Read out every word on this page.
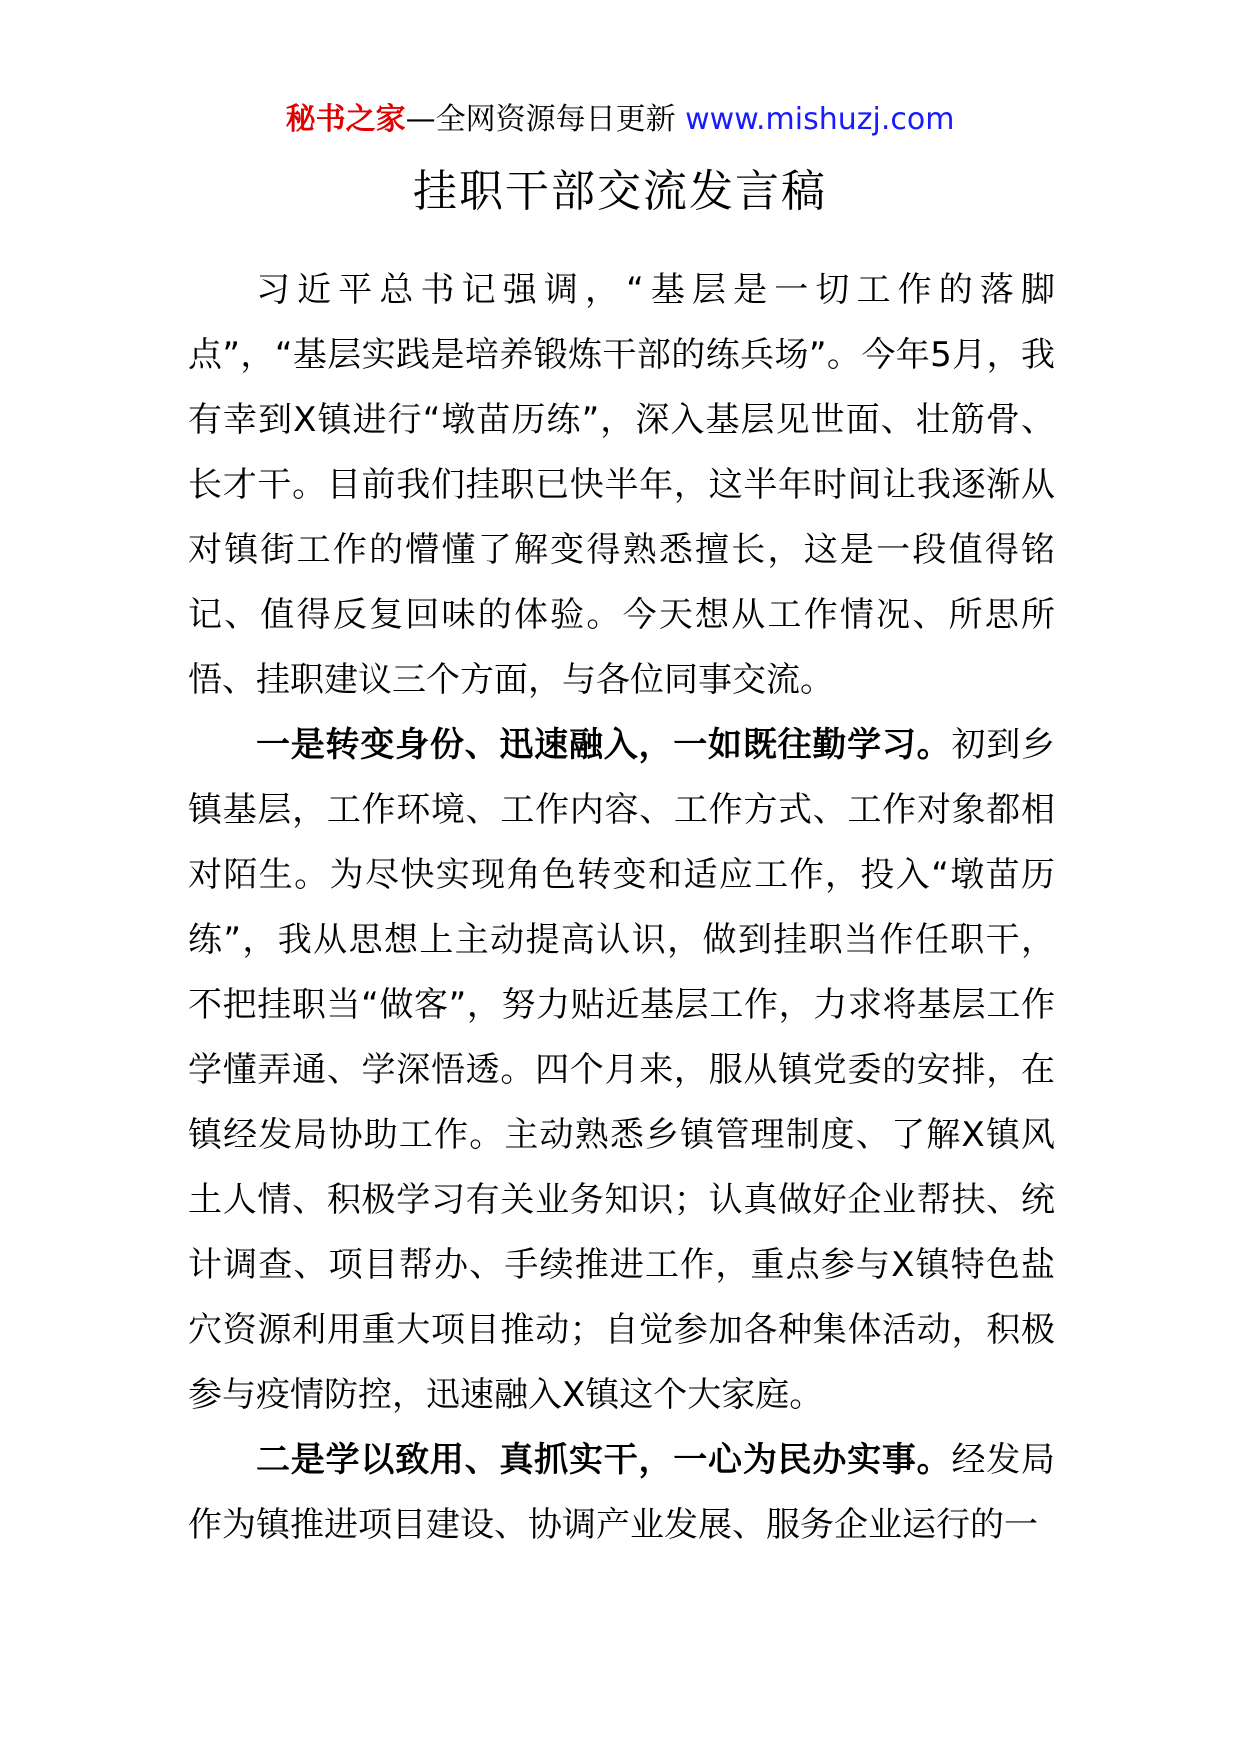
秘书之家—全网资源每日更新 www.mishuzj.com
挂职干部交流发言稿

习近平总书记强调，“基层是一切工作的落脚点”，“基层实践是培养锻炼干部的练兵场”。今年5月，我有幸到X镇进行“墩苗历练”，深入基层见世面、壮筋骨、长才干。目前我们挂职已快半年，这半年时间让我逐渐从对镇街工作的懵懂了解变得熟悉擅长，这是一段值得铭记、值得反复回味的体验。今天想从工作情况、所思所悟、挂职建议三个方面，与各位同事交流。

一是转变身份、迅速融入，一如既往勤学习。初到乡镇基层，工作环境、工作内容、工作方式、工作对象都相对陌生。为尽快实现角色转变和适应工作，投入“墩苗历练”，我从思想上主动提高认识，做到挂职当作任职干，不把挂职当“做客”，努力贴近基层工作，力求将基层工作学懂弄通、学深悟透。四个月来，服从镇党委的安排，在镇经发局协助工作。主动熟悉乡镇管理制度、了解X镇风土人情、积极学习有关业务知识；认真做好企业帮扶、统计调查、项目帮办、手续推进工作，重点参与X镇特色盐穴资源利用重大项目推动；自觉参加各种集体活动，积极参与疫情防控，迅速融入X镇这个大家庭。

二是学以致用、真抓实干，一心为民办实事。经发局作为镇推进项目建设、协调产业发展、服务企业运行的一
